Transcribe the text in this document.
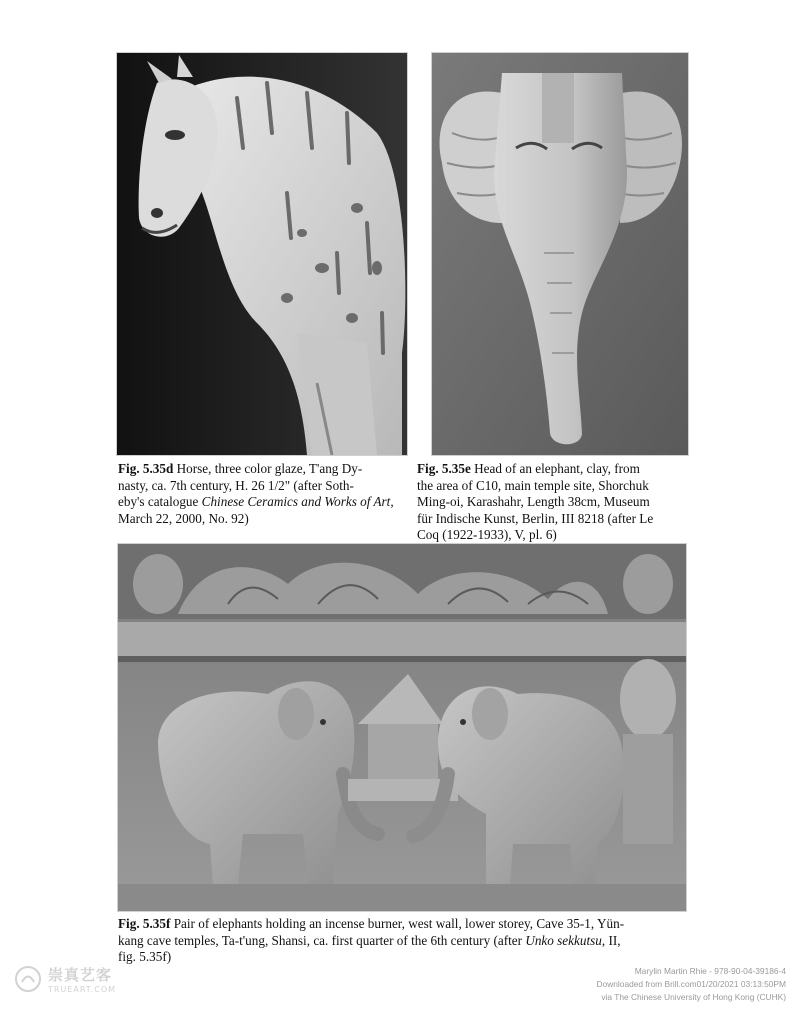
Fig. 5.35d Horse, three color glaze, T'ang Dy-
nasty, ca. 7th century, H. 26 1/2" (after Soth-
eby's catalogue Chinese Ceramics and Works of Art,
March 22, 2000, No. 92)
Fig. 5.35e Head of an elephant, clay, from
the area of C10, main temple site, Shorchuk
Ming-oi, Karashahr, Length 38cm, Museum
für Indische Kunst, Berlin, III 8218 (after Le
Coq (1922-1933), V, pl. 6)
Fig. 5.35f Pair of elephants holding an incense burner, west wall, lower storey, Cave 35-1, Yün-
kang cave temples, Ta-t'ung, Shansi, ca. first quarter of the 6th century (after Unko sekkutsu, II,
fig. 5.35f)
崇真艺客
TRUEART.COM
Marylin Martin Rhie - 978-90-04-39186-4
Downloaded from Brill.com01/20/2021 03:13:50PM
via The Chinese University of Hong Kong (CUHK)
